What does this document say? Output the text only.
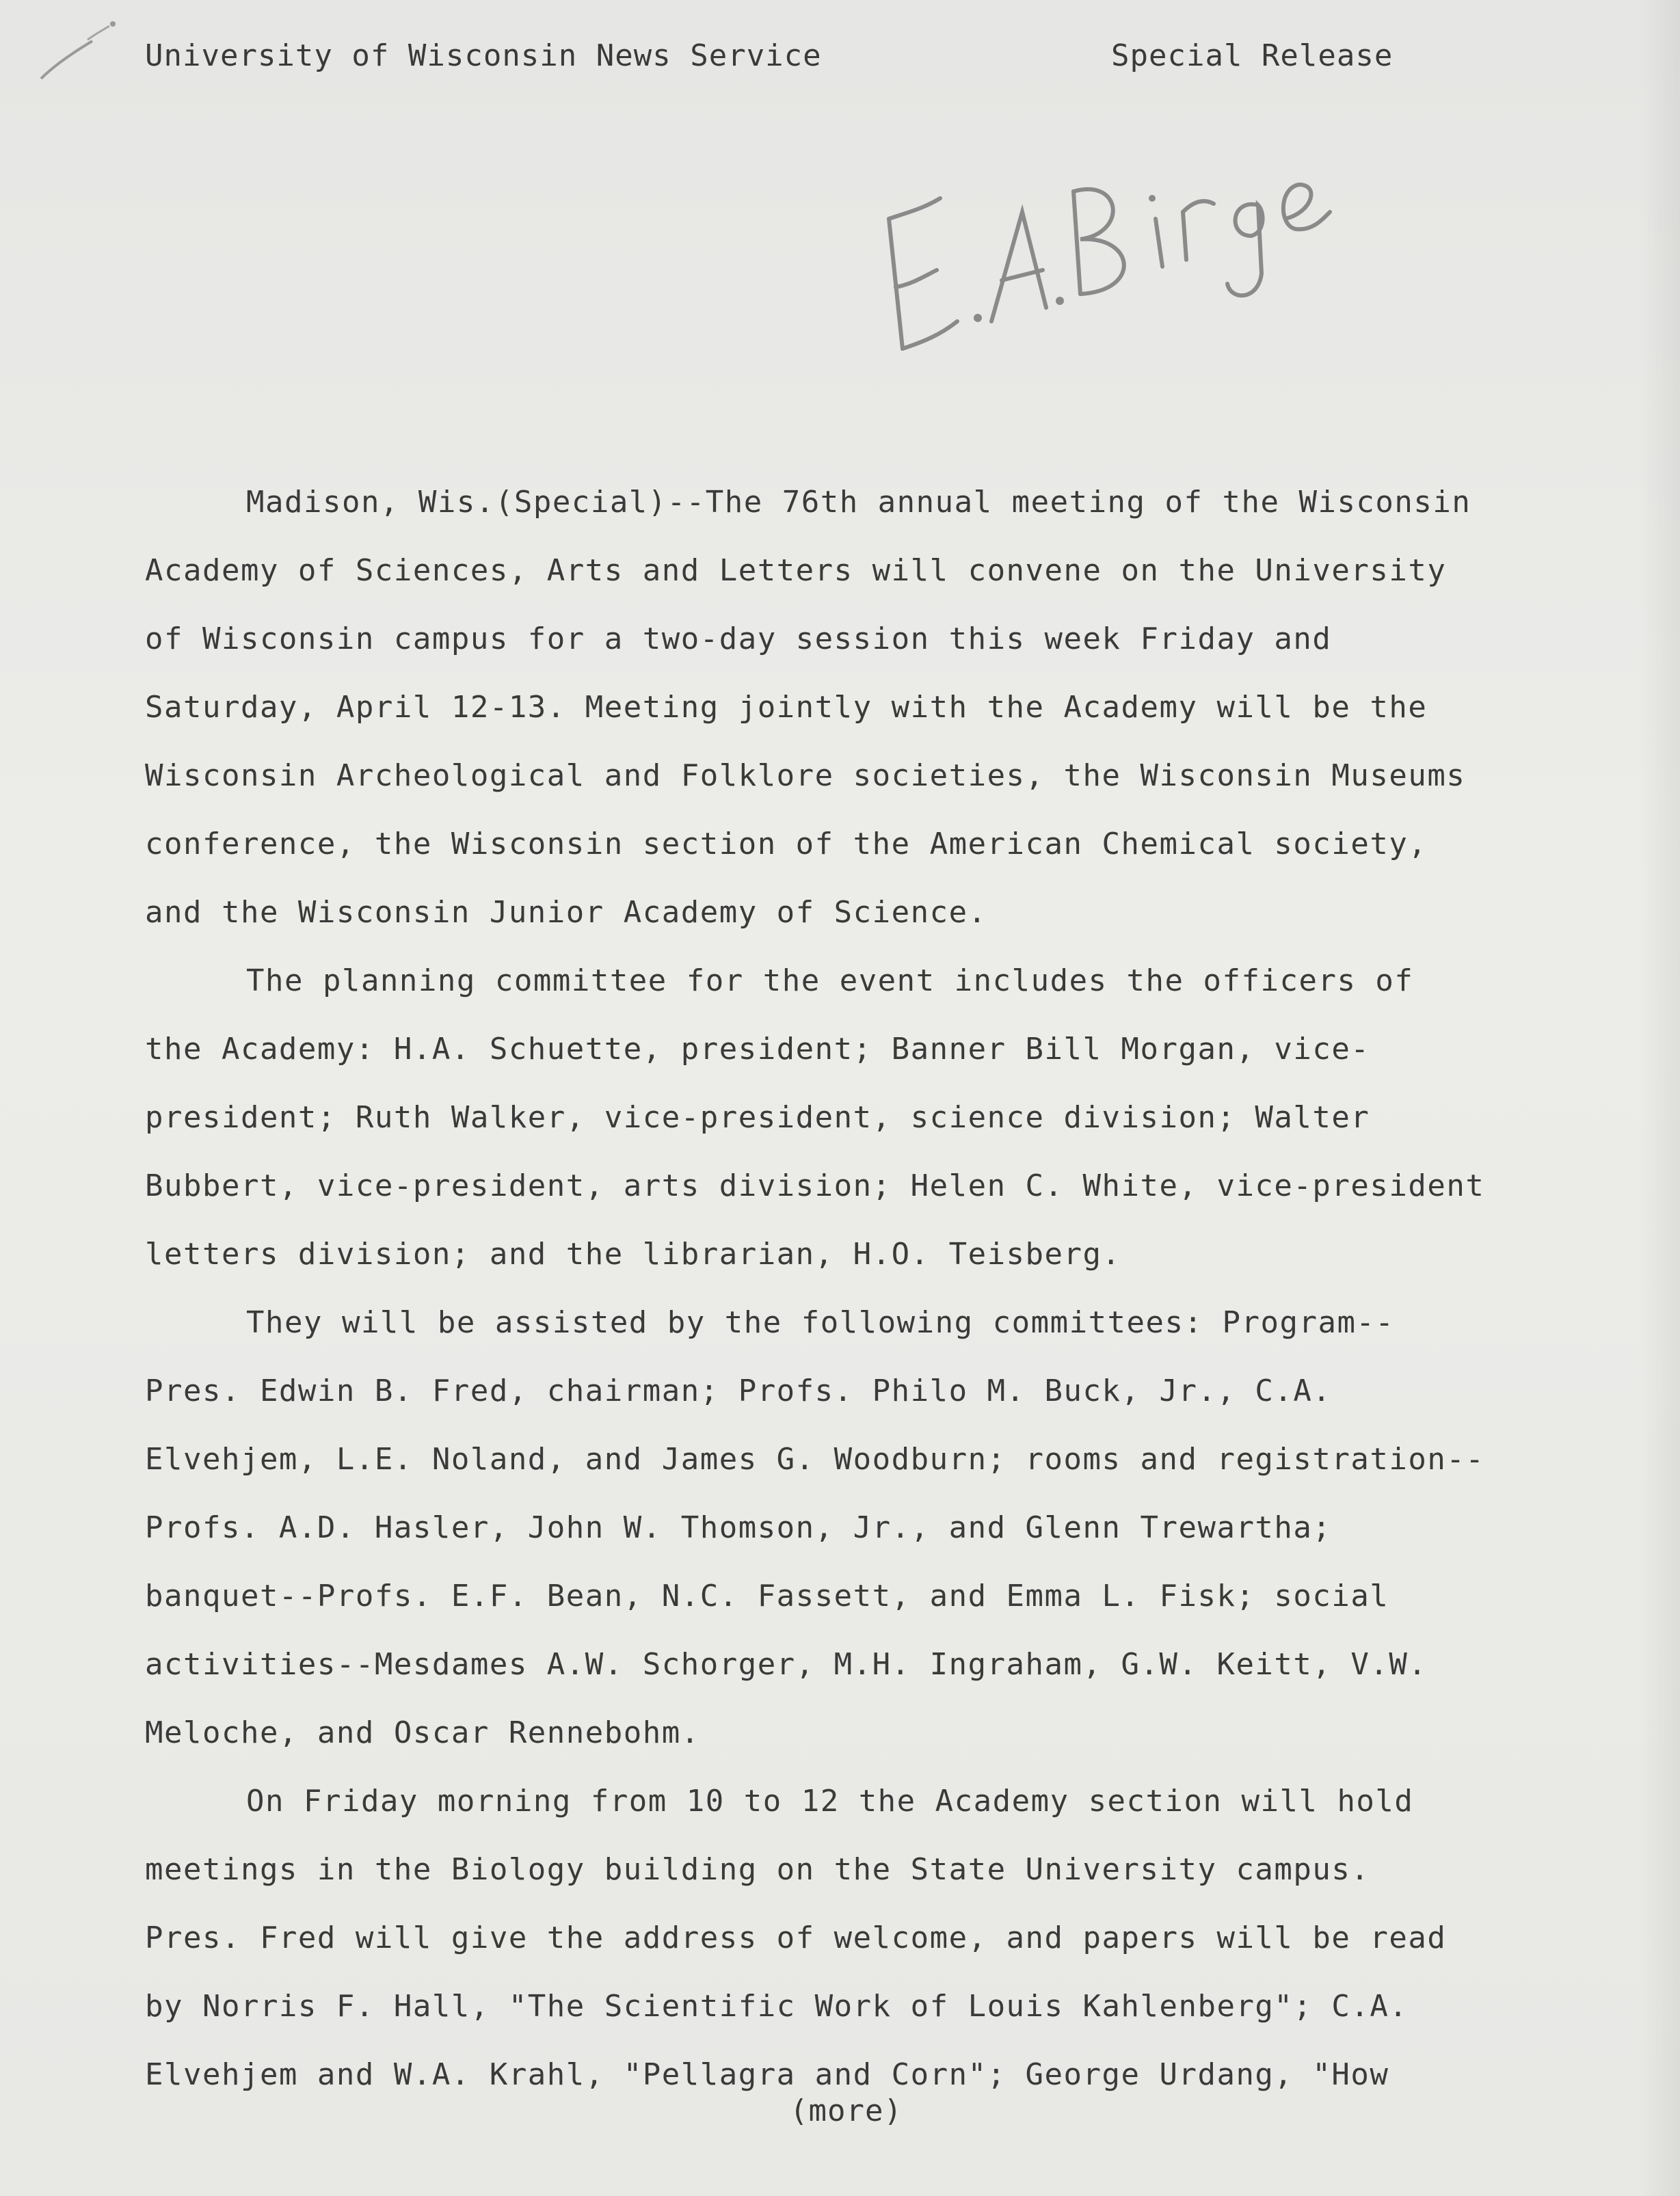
University of Wisconsin News Service	Special Release
Madison, Wis.(Special)--The 76th annual meeting of the Wisconsin
Academy of Sciences, Arts and Letters will convene on the University
of Wisconsin campus for a two-day session this week Friday and
Saturday, April 12-13. Meeting jointly with the Academy will be the
Wisconsin Archeological and Folklore societies, the Wisconsin Museums
conference, the Wisconsin section of the American Chemical society,
and the Wisconsin Junior Academy of Science.
The planning committee for the event includes the officers of
the Academy: H.A. Schuette, president; Banner Bill Morgan, vice-
president; Ruth Walker, vice-president, science division; Walter
Bubbert, vice-president, arts division; Helen C. White, vice-president
letters division; and the librarian, H.O. Teisberg.
They will be assisted by the following committees: Program--
Pres. Edwin B. Fred, chairman; Profs. Philo M. Buck, Jr., C.A.
Elvehjem, L.E. Noland, and James G. Woodburn; rooms and registration--
Profs. A.D. Hasler, John W. Thomson, Jr., and Glenn Trewartha;
banquet--Profs. E.F. Bean, N.C. Fassett, and Emma L. Fisk; social
activities--Mesdames A.W. Schorger, M.H. Ingraham, G.W. Keitt, V.W.
Meloche, and Oscar Rennebohm.
On Friday morning from 10 to 12 the Academy section will hold
meetings in the Biology building on the State University campus.
Pres. Fred will give the address of welcome, and papers will be read
by Norris F. Hall, "The Scientific Work of Louis Kahlenberg"; C.A.
Elvehjem and W.A. Krahl, "Pellagra and Corn"; George Urdang, "How
(more)
